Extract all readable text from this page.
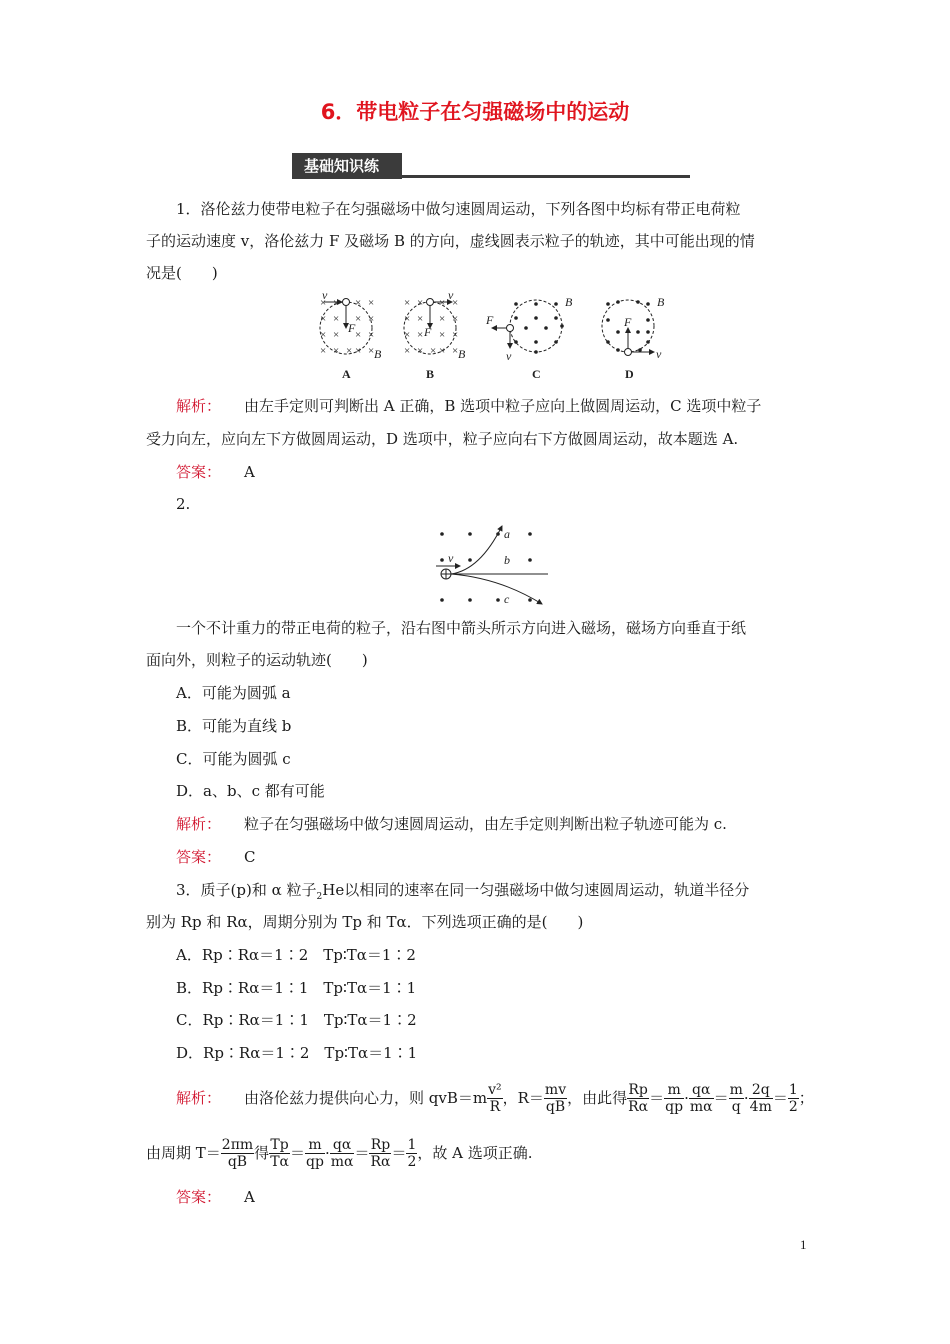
6．带电粒子在匀强磁场中的运动
基础知识练
1．洛伦兹力使带电粒子在匀强磁场中做匀速圆周运动，下列各图中均标有带正电荷粒
子的运动速度 v，洛伦兹力 F 及磁场 B 的方向，虚线圆表示粒子的轨迹，其中可能出现的情
况是(　　)
× × × ×
× × × ×
× × × ×
× × × × ×
v
F
B
A
× × × ×
× × × ×
× × × ×
× × × × ×
v
F
B
B
F
v
B
C
F
v
B
D
解析： 由左手定则可判断出 A 正确，B 选项中粒子应向上做圆周运动，C 选项中粒子
受力向左，应向左下方做圆周运动，D 选项中，粒子应向右下方做圆周运动，故本题选 A.
答案： A
2.
v
a
b
c
一个不计重力的带正电荷的粒子，沿右图中箭头所示方向进入磁场，磁场方向垂直于纸
面向外，则粒子的运动轨迹(　　)
A．可能为圆弧 a
B．可能为直线 b
C．可能为圆弧 c
D．a、b、c 都有可能
解析： 粒子在匀强磁场中做匀速圆周运动，由左手定则判断出粒子轨迹可能为 c.
答案： C
3．质子(p)和 α 粒子$_2$He以相同的速率在同一匀强磁场中做匀速圆周运动，轨道半径分
别为 Rp 和 Rα，周期分别为 Tp 和 Tα．下列选项正确的是(　　)
A．Rp∶Rα＝1∶2　Tp∶Tα＝1∶2
B．Rp∶Rα＝1∶1　Tp∶Tα＝1∶1
C．Rp∶Rα＝1∶1　Tp∶Tα＝1∶2
D．Rp∶Rα＝1∶2　Tp∶Tα＝1∶1
解析： 由洛伦兹力提供向心力，则 $qvB=m \frac{\text{v²}}{R}$ ，$R= \frac{mv}{qB}$ ，由此得 $\frac{Rp}{R\alpha} = \frac{m}{qp} \cdot \frac{q\alpha}{m\alpha} = \frac{m}{q} \cdot \frac{2q}{4m} = \frac{1}{2}$ ；
由周期 $T= \frac{2\pi m}{qB}$ 得 $\frac{Tp}{T\alpha} = \frac{m}{qp} \cdot \frac{q\alpha}{m\alpha} = \frac{Rp}{R\alpha} = \frac{1}{2}$ ，故 A 选项正确.
答案： A
1
